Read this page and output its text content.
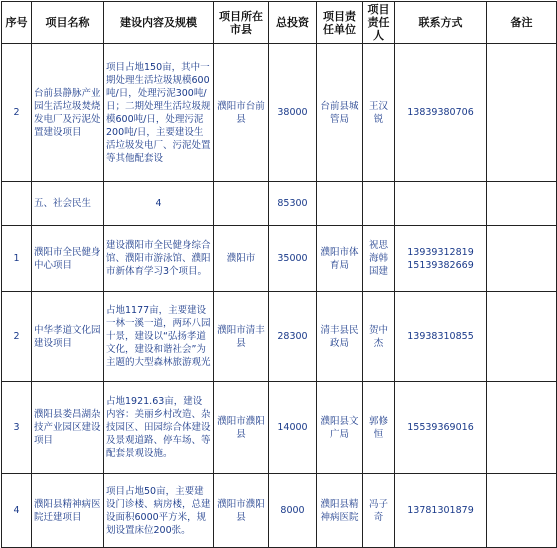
序号	项目名称	建设内容及规模	项目所在市县	总投资	项目责任单位	项目责任人	联系方式	备注
2	台前县静脉产业园生活垃圾焚烧发电厂及污泥处置建设项目	项目占地150亩，其中一期处理生活垃圾规模600吨/日，处理污泥300吨/日；二期处理生活垃圾规模600吨/日，处理污泥200吨/日，主要建设生活垃圾发电厂、污泥处置等其他配套设	濮阳市台前县	38000	台前县城管局	王汉锐	13839380706	
	五、社会民生	4		85300				
1	濮阳市全民健身中心项目	建设濮阳市全民健身综合馆、濮阳市游泳馆、濮阳市新体育学习3个项目。	濮阳市	35000	濮阳市体育局	祝思海韩国建	13939312819 15139382669	
2	中华孝道文化园建设项目	占地1177亩，主要建设一林一溪一道，两环八园十景，建设以“弘扬孝道文化，建设和谐社会”为主题的大型森林旅游观光	濮阳市清丰县	28300	清丰县民政局	贺中杰	13938310855	
3	濮阳县娄昌湖杂技产业园区建设项目	占地1921.63亩，建设内容：美丽乡村改造、杂技园区、田园综合体建设及景观道路、停车场、等配套景观设施。	濮阳市濮阳县	14000	濮阳县文广局	郭修恒	15539369016	
4	濮阳县精神病医院迁建项目	项目占地50亩，主要建设门诊楼、病房楼，总建设面积6000平方米，规划设置床位200张。	濮阳市濮阳县	8000	濮阳县精神病医院	冯子奇	13781301879	
